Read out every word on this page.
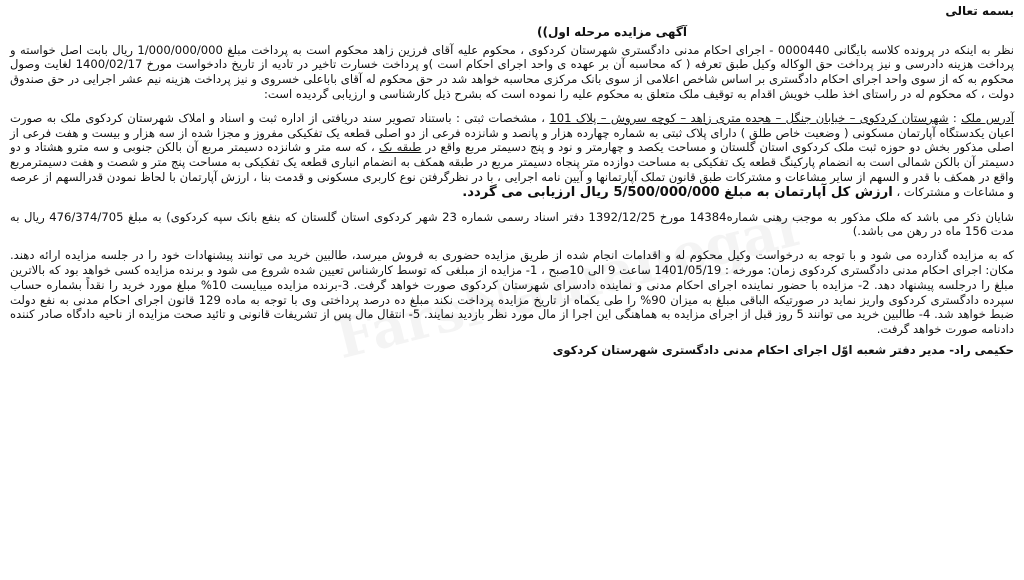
بسمه تعالی

آگهی مزایده مرحله اول))

نظر به اینکه در پرونده کلاسه بایگانی 0000440 - اجرای احکام مدنی دادگستری شهرستان کردکوی ، محکوم علیه آقای فرزین زاهد محکوم است به پرداخت مبلغ 1/000/000/000 ریال بابت اصل خواسته و پرداخت هزینه دادرسی و نیز پرداخت حق الوکاله وکیل طبق تعرفه ( که محاسبه آن بر عهده ی واحد اجرای احکام است )و پرداخت خسارت تاخیر در تادیه از تاریخ دادخواست مورخ 1400/02/17 لغایت وصول محکوم به که از سوی واحد اجرای احکام دادگستری بر اساس شاخص اعلامی از سوی بانک مرکزی محاسبه خواهد شد در حق محکوم له آقای باباعلی خسروی و نیز پرداخت هزینه نیم عشر اجرایی در حق صندوق دولت ، که محکوم له در راستای اخذ طلب خویش اقدام به توقیف ملک متعلق به محکوم علیه را نموده است که بشرح ذیل کارشناسی و ارزیابی گردیده است:

آدرس ملک : شهرستان کردکوی – خیابان جنگل – هجده متری زاهد – کوچه سروش – پلاک 101 ، مشخصات ثبتی : باستناد تصویر سند دریافتی از اداره ثبت و اسناد و املاک شهرستان کردکوی ملک به صورت اعیان یکدستگاه آپارتمان مسکونی ( وضعیت خاص طلق ) دارای پلاک ثبتی به شماره چهارده هزار و پانصد و شانزده فرعی از دو اصلی قطعه یک تفکیکی مفروز و مجزا شده از سه هزار و بیست و هفت فرعی از اصلی مذکور بخش دو حوزه ثبت ملک کردکوی استان گلستان و مساحت یکصد و چهارمتر و نود و پنج دسیمتر مربع واقع در طبقه یک ، که سه متر و شانزده دسیمتر مربع آن بالکن جنوبی و سه مترو هشتاد و دو دسیمتر آن بالکن شمالی است به انضمام پارکینگ قطعه یک تفکیکی به مساحت دوازده متر پنجاه دسیمتر مربع در طبقه همکف به انضمام انباری قطعه یک تفکیکی به مساحت پنج متر و شصت و هفت دسیمترمربع واقع در همکف با قدر و السهم از سایر مشاعات و مشترکات طبق قانون تملک آپارتمانها و آیین نامه اجرایی ، با در نظرگرفتن نوع کاربری مسکونی و قدمت بنا ، ارزش آپارتمان با لحاظ نمودن قدرالسهم از عرصه و مشاعات و مشترکات ، ارزش کل آپارتمان به مبلغ 5/500/000/000 ریال ارزیابی می گردد.

شایان ذکر می باشد که ملک مذکور به موجب رهنی شماره14384 مورخ 1392/12/25 دفتر اسناد رسمی شماره 23 شهر کردکوی استان گلستان که بنفع بانک سپه کردکوی) به مبلغ 476/374/705 ریال به مدت 156 ماه در رهن می باشد.)

که به مزایده گذارده می شود و با توجه به درخواست وکیل محکوم له و اقدامات انجام شده از طریق مزایده حضوری به فروش میرسد، طالبین خرید می توانند پیشنهادات خود را در جلسه مزایده ارائه دهند. مکان: اجرای احکام مدنی دادگستری کردکوی زمان: مورخه : 1401/05/19 ساعت 9 الی 10صبح ، 1- مزایده از مبلغی که توسط کارشناس تعیین شده شروع می شود و برنده مزایده کسی خواهد بود که بالاترین مبلغ را درجلسه پیشنهاد دهد. 2- مزایده با حضور نماینده اجرای احکام مدنی و نماینده دادسرای شهرستان کردکوی صورت خواهد گرفت. 3-برنده مزایده میبایست 10% مبلغ مورد خرید را نقداً بشماره حساب سپرده دادگستری کردکوی واریز نماید در صورتیکه الباقی مبلغ به میزان 90% را طی یکماه از تاریخ مزایده پرداخت نکند مبلغ ده درصد پرداختی وی با توجه به ماده 129 قانون اجرای احکام مدنی به نفع دولت ضبط خواهد شد. 4- طالبین خرید می توانند 5 روز قبل از اجرای مزایده به هماهنگی این اجرا از مال مورد نظر بازدید نمایند. 5- انتقال مال پس از تشریفات قانونی و تائید صحت مزایده از ناحیه دادگاه صادر کننده دادنامه صورت خواهد گرفت.

حکیمی راد- مدیر دفتر شعبه اوّل اجرای احکام مدنی دادگستری شهرستان کردکوی
